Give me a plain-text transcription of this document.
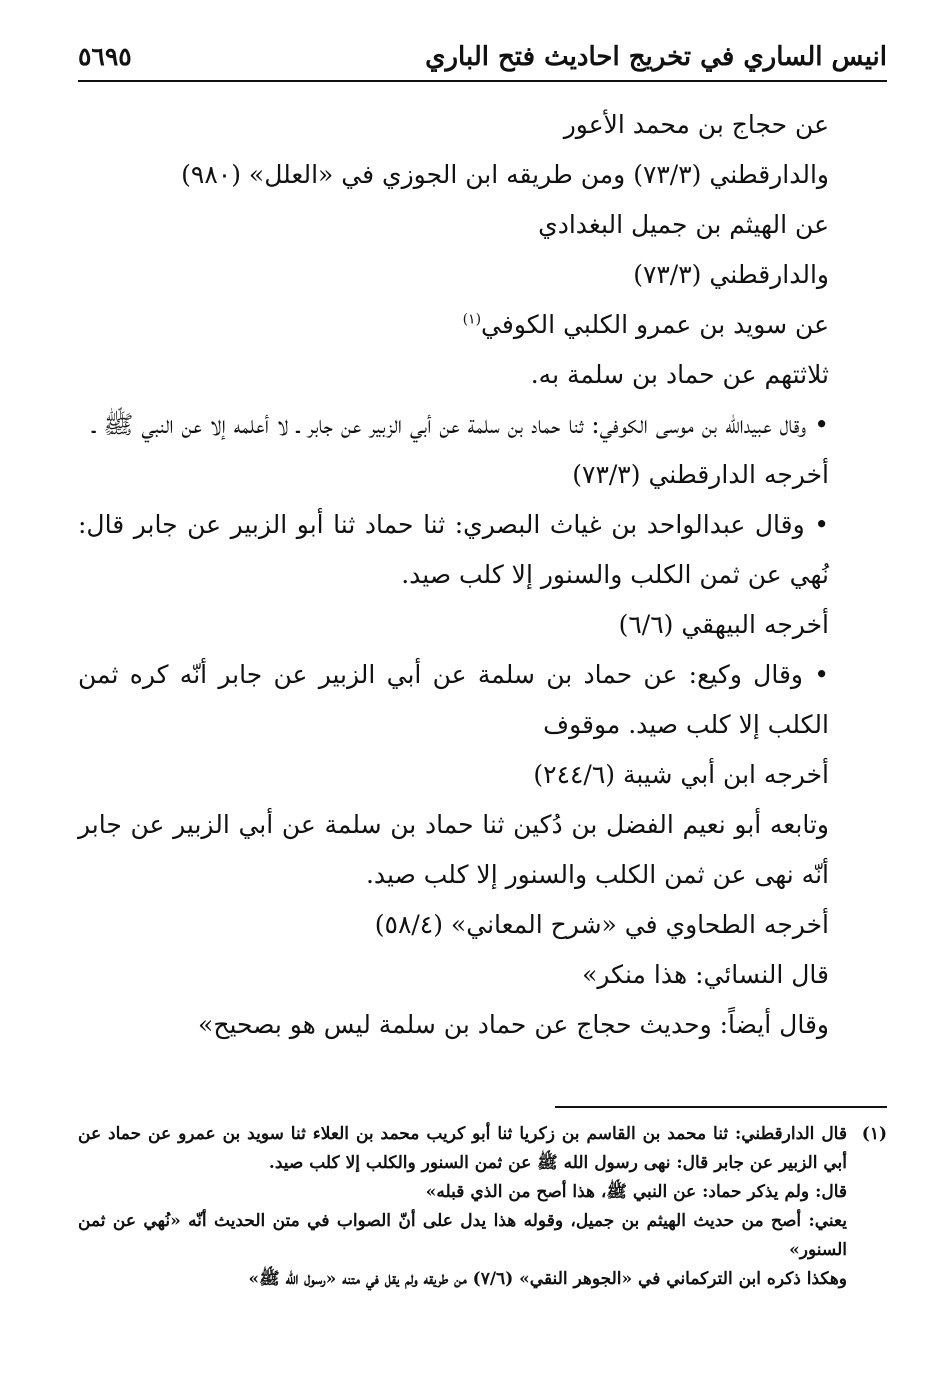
انيس الساري في تخريج احاديث فتح الباري
٥٦٩٥
عن حجاج بن محمد الأعور
والدارقطني (٧٣/٣) ومن طريقه ابن الجوزي في «العلل» (٩٨٠)
عن الهيثم بن جميل البغدادي
والدارقطني (٧٣/٣)
عن سويد بن عمرو الكلبي الكوفي$^{(١)}$
ثلاثتهم عن حماد بن سلمة به.
• وقال عبيدالله بن موسى الكوفي: ثنا حماد بن سلمة عن أبي الزبير عن جابر ـ لا أعلمه إلا عن النبي ﷺ ـ
أخرجه الدارقطني (٧٣/٣)
• وقال عبدالواحد بن غياث البصري: ثنا حماد ثنا أبو الزبير عن جابر قال: نُهي عن ثمن الكلب والسنور إلا كلب صيد.
أخرجه البيهقي (٦/٦)
• وقال وكيع: عن حماد بن سلمة عن أبي الزبير عن جابر أنّه كره ثمن الكلب إلا كلب صيد. موقوف
أخرجه ابن أبي شيبة (٢٤٤/٦)
وتابعه أبو نعيم الفضل بن دُكين ثنا حماد بن سلمة عن أبي الزبير عن جابر أنّه نهى عن ثمن الكلب والسنور إلا كلب صيد.
أخرجه الطحاوي في «شرح المعاني» (٥٨/٤)
قال النسائي: هذا منكر»
وقال أيضاً: وحديث حجاج عن حماد بن سلمة ليس هو بصحيح»
(١)
قال الدارقطني: ثنا محمد بن القاسم بن زكريا ثنا أبو كريب محمد بن العلاء ثنا سويد بن عمرو عن حماد عن أبي الزبير عن جابر قال: نهى رسول الله ﷺ عن ثمن السنور والكلب إلا كلب صيد.
قال: ولم يذكر حماد: عن النبي ﷺ، هذا أصح من الذي قبله»
يعني: أصح من حديث الهيثم بن جميل، وقوله هذا يدل على أنّ الصواب في متن الحديث أنّه «نُهي عن ثمن السنور»
وهكذا ذكره ابن التركماني في «الجوهر النقي» (٧/٦) من طريقه ولم يقل في متنه «رسول الله ﷺ»
